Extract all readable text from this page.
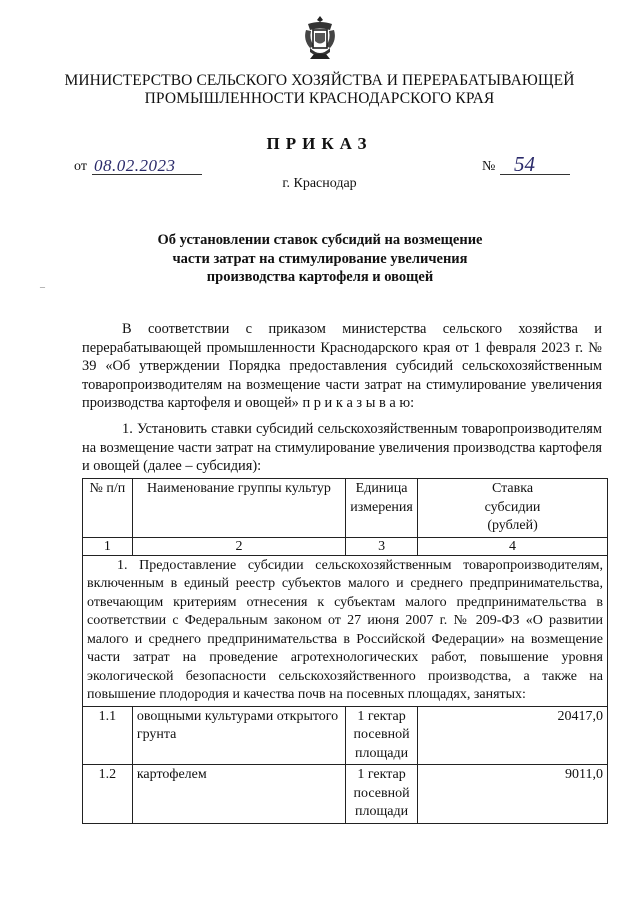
МИНИСТЕРСТВО СЕЛЬСКОГО ХОЗЯЙСТВА И ПЕРЕРАБАТЫВАЮЩЕЙ
ПРОМЫШЛЕННОСТИ КРАСНОДАРСКОГО КРАЯ
ПРИКАЗ
от 08.02.2023	№ 54
г. Краснодар
Об установлении ставок субсидий на возмещение
части затрат на стимулирование увеличения
производства картофеля и овощей
–
В соответствии с приказом министерства сельского хозяйства и перерабатывающей промышленности Краснодарского края от 1 февраля 2023 г. № 39 «Об утверждении Порядка предоставления субсидий сельскохозяйственным товаропроизводителям на возмещение части затрат на стимулирование увеличения производства картофеля и овощей» п р и к а з ы в а ю:
1. Установить ставки субсидий сельскохозяйственным товаропроизводителям на возмещение части затрат на стимулирование увеличения производства картофеля и овощей (далее – субсидия):
№ п/п	Наименование группы культур	Единица измерения	Ставка субсидии (рублей)
1	2	3	4
1. Предоставление субсидии сельскохозяйственным товаропроизводителям, включенным в единый реестр субъектов малого и среднего предпринимательства, отвечающим критериям отнесения к субъектам малого предпринимательства в соответствии с Федеральным законом от 27 июня 2007 г. № 209-ФЗ «О развитии малого и среднего предпринимательства в Российской Федерации» на возмещение части затрат на проведение агротехнологических работ, повышение уровня экологической безопасности сельскохозяйственного производства, а также на повышение плодородия и качества почв на посевных площадях, занятых:			
1.1	овощными культурами открытого грунта	1 гектар посевной площади	20417,0
1.2	картофелем	1 гектар посевной площади	9011,0
